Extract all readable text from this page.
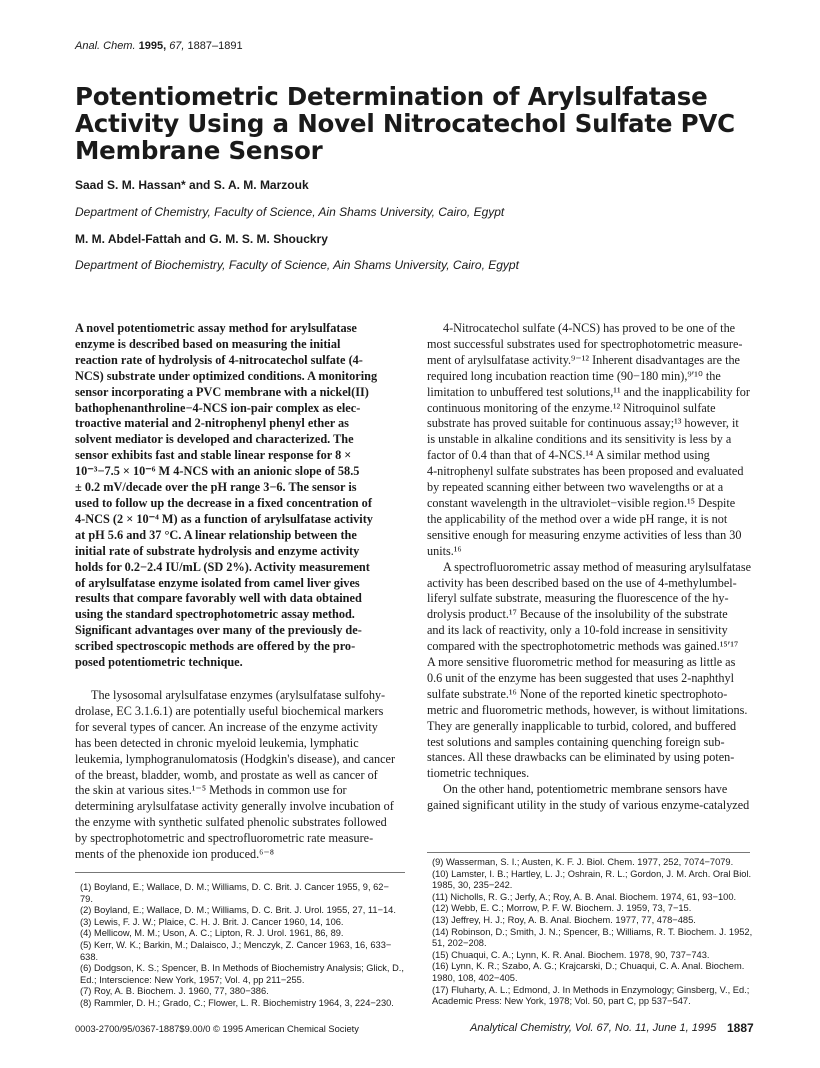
Anal. Chem. 1995, 67, 1887–1891
Potentiometric Determination of Arylsulfatase
Activity Using a Novel Nitrocatechol Sulfate PVC
Membrane Sensor
Saad S. M. Hassan* and S. A. M. Marzouk
Department of Chemistry, Faculty of Science, Ain Shams University, Cairo, Egypt
M. M. Abdel-Fattah and G. M. S. M. Shouckry
Department of Biochemistry, Faculty of Science, Ain Shams University, Cairo, Egypt

A novel potentiometric assay method for arylsulfatase
enzyme is described based on measuring the initial
reaction rate of hydrolysis of 4-nitrocatechol sulfate (4-
NCS) substrate under optimized conditions. A monitoring
sensor incorporating a PVC membrane with a nickel(II)
bathophenanthroline−4-NCS ion-pair complex as elec-
troactive material and 2-nitrophenyl phenyl ether as
solvent mediator is developed and characterized. The
sensor exhibits fast and stable linear response for 8 ×
10⁻³−7.5 × 10⁻⁶ M 4-NCS with an anionic slope of 58.5
± 0.2 mV/decade over the pH range 3−6. The sensor is
used to follow up the decrease in a fixed concentration of
4-NCS (2 × 10⁻⁴ M) as a function of arylsulfatase activity
at pH 5.6 and 37 °C. A linear relationship between the
initial rate of substrate hydrolysis and enzyme activity
holds for 0.2−2.4 IU/mL (SD 2%). Activity measurement
of arylsulfatase enzyme isolated from camel liver gives
results that compare favorably well with data obtained
using the standard spectrophotometric assay method.
Significant advantages over many of the previously de-
scribed spectroscopic methods are offered by the pro-
posed potentiometric technique.

The lysosomal arylsulfatase enzymes (arylsulfatase sulfohy-
drolase, EC 3.1.6.1) are potentially useful biochemical markers
for several types of cancer. An increase of the enzyme activity
has been detected in chronic myeloid leukemia, lymphatic
leukemia, lymphogranulomatosis (Hodgkin's disease), and cancer
of the breast, bladder, womb, and prostate as well as cancer of
the skin at various sites.¹⁻⁵ Methods in common use for
determining arylsulfatase activity generally involve incubation of
the enzyme with synthetic sulfated phenolic substrates followed
by spectrophotometric and spectrofluorometric rate measure-
ments of the phenoxide ion produced.⁶⁻⁸

4-Nitrocatechol sulfate (4-NCS) has proved to be one of the
most successful substrates used for spectrophotometric measure-
ment of arylsulfatase activity.⁹⁻¹² Inherent disadvantages are the
required long incubation reaction time (90−180 min),⁹ʹ¹⁰ the
limitation to unbuffered test solutions,¹¹ and the inapplicability for
continuous monitoring of the enzyme.¹² Nitroquinol sulfate
substrate has proved suitable for continuous assay;¹³ however, it
is unstable in alkaline conditions and its sensitivity is less by a
factor of 0.4 than that of 4-NCS.¹⁴ A similar method using
4-nitrophenyl sulfate substrates has been proposed and evaluated
by repeated scanning either between two wavelengths or at a
constant wavelength in the ultraviolet−visible region.¹⁵ Despite
the applicability of the method over a wide pH range, it is not
sensitive enough for measuring enzyme activities of less than 30
units.¹⁶
A spectrofluorometric assay method of measuring arylsulfatase
activity has been described based on the use of 4-methylumbel-
liferyl sulfate substrate, measuring the fluorescence of the hy-
drolysis product.¹⁷ Because of the insolubility of the substrate
and its lack of reactivity, only a 10-fold increase in sensitivity
compared with the spectrophotometric methods was gained.¹⁵ʹ¹⁷
A more sensitive fluorometric method for measuring as little as
0.6 unit of the enzyme has been suggested that uses 2-naphthyl
sulfate substrate.¹⁶ None of the reported kinetic spectrophoto-
metric and fluorometric methods, however, is without limitations.
They are generally inapplicable to turbid, colored, and buffered
test solutions and samples containing quenching foreign sub-
stances. All these drawbacks can be eliminated by using poten-
tiometric techniques.
On the other hand, potentiometric membrane sensors have
gained significant utility in the study of various enzyme-catalyzed

(1) Boyland, E.; Wallace, D. M.; Williams, D. C. Brit. J. Cancer 1955, 9, 62−
79.
(2) Boyland, E.; Wallace, D. M.; Williams, D. C. Brit. J. Urol. 1955, 27, 11−14.
(3) Lewis, F. J. W.; Plaice, C. H. J. Brit. J. Cancer 1960, 14, 106.
(4) Mellicow, M. M.; Uson, A. C.; Lipton, R. J. Urol. 1961, 86, 89.
(5) Kerr, W. K.; Barkin, M.; Dalaisco, J.; Menczyk, Z. Cancer 1963, 16, 633−
638.
(6) Dodgson, K. S.; Spencer, B. In Methods of Biochemistry Analysis; Glick, D.,
Ed.; Interscience: New York, 1957; Vol. 4, pp 211−255.
(7) Roy, A. B. Biochem. J. 1960, 77, 380−386.
(8) Rammler, D. H.; Grado, C.; Flower, L. R. Biochemistry 1964, 3, 224−230.
(9) Wasserman, S. I.; Austen, K. F. J. Biol. Chem. 1977, 252, 7074−7079.
(10) Lamster, I. B.; Hartley, L. J.; Oshrain, R. L.; Gordon, J. M. Arch. Oral Biol.
1985, 30, 235−242.
(11) Nicholls, R. G.; Jerfy, A.; Roy, A. B. Anal. Biochem. 1974, 61, 93−100.
(12) Webb, E. C.; Morrow, P. F. W. Biochem. J. 1959, 73, 7−15.
(13) Jeffrey, H. J.; Roy, A. B. Anal. Biochem. 1977, 77, 478−485.
(14) Robinson, D.; Smith, J. N.; Spencer, B.; Williams, R. T. Biochem. J. 1952,
51, 202−208.
(15) Chuaqui, C. A.; Lynn, K. R. Anal. Biochem. 1978, 90, 737−743.
(16) Lynn, K. R.; Szabo, A. G.; Krajcarski, D.; Chuaqui, C. A. Anal. Biochem.
1980, 108, 402−405.
(17) Fluharty, A. L.; Edmond, J. In Methods in Enzymology; Ginsberg, V., Ed.;
Academic Press: New York, 1978; Vol. 50, part C, pp 537−547.
0003-2700/95/0367-1887$9.00/0 © 1995 American Chemical Society	Analytical Chemistry, Vol. 67, No. 11, June 1, 1995 1887
